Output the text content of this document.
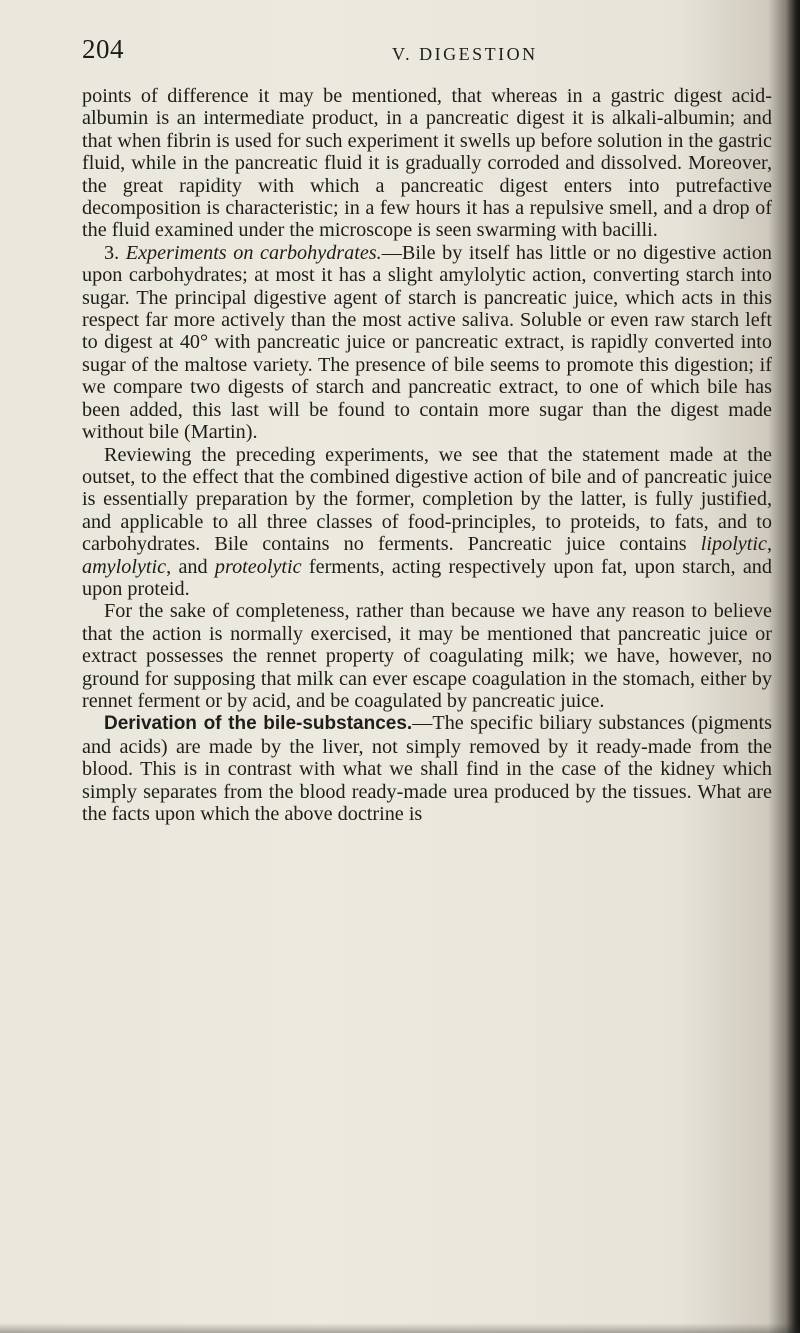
204	V. DIGESTION

points of difference it may be mentioned, that whereas in a gastric digest acid-albumin is an intermediate product, in a pancreatic digest it is alkali-albumin; and that when fibrin is used for such experiment it swells up before solution in the gastric fluid, while in the pancreatic fluid it is gradually corroded and dissolved. Moreover, the great rapidity with which a pancreatic digest enters into putrefactive decomposition is characteristic; in a few hours it has a repulsive smell, and a drop of the fluid examined under the microscope is seen swarming with bacilli.

3. Experiments on carbohydrates.—Bile by itself has little or no digestive action upon carbohydrates; at most it has a slight amylolytic action, converting starch into sugar. The principal digestive agent of starch is pancreatic juice, which acts in this respect far more actively than the most active saliva. Soluble or even raw starch left to digest at 40° with pancreatic juice or pancreatic extract, is rapidly converted into sugar of the maltose variety. The presence of bile seems to promote this digestion; if we compare two digests of starch and pancreatic extract, to one of which bile has been added, this last will be found to contain more sugar than the digest made without bile (Martin).

Reviewing the preceding experiments, we see that the statement made at the outset, to the effect that the combined digestive action of bile and of pancreatic juice is essentially preparation by the former, completion by the latter, is fully justified, and applicable to all three classes of food-principles, to proteids, to fats, and to carbohydrates. Bile contains no ferments. Pancreatic juice contains lipolytic, amylolytic, and proteolytic ferments, acting respectively upon fat, upon starch, and upon proteid.

For the sake of completeness, rather than because we have any reason to believe that the action is normally exercised, it may be mentioned that pancreatic juice or extract possesses the rennet property of coagulating milk; we have, however, no ground for supposing that milk can ever escape coagulation in the stomach, either by rennet ferment or by acid, and be coagulated by pancreatic juice.

Derivation of the bile-substances.—The specific biliary substances (pigments and acids) are made by the liver, not simply removed by it ready-made from the blood. This is in contrast with what we shall find in the case of the kidney which simply separates from the blood ready-made urea produced by the tissues. What are the facts upon which the above doctrine is
